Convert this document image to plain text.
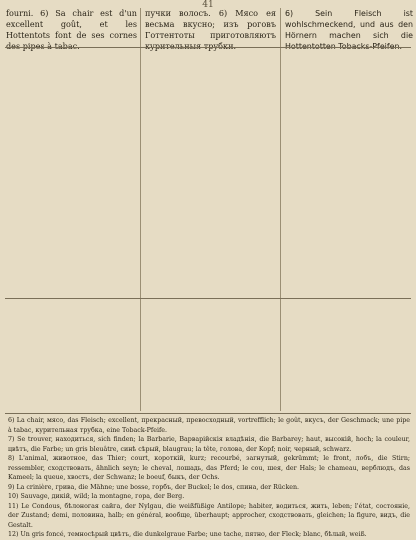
41

fourni. 6) Sa chair est d'un excellent goût, et les Hottentots font de ses cornes

пучки волосъ. 6) Мясо ея весьма вкусно; изъ роговъ Готтентоты приготовляютъ

6) Sein Fleisch ist wohlschmeckend, und aus den Hörnern machen sich die

6) La chair, мясо, das Fleisch; excellent, прекрасный, превосходный, vortrefflich; le goût, вкусъ, der Geschmack; une pipe à tabac, курительная трубка, eine Toback-Pfeife.

7) Se trouver, находиться, sich finden; la Barbarie, Варварійскія владѣнія, die Barbarey; haut, высокій, hoch; la couleur, цвѣтъ, die Farbe; un gris bleuâtre, синѣ сѣрый, blaugrau; la tête, голова, der Kopf; noir, черный, schwarz.

8) L'animal, животное, das Thier; court, короткій, kurz; recourbé, загнутый, gekrümmt; le front, лобъ, die Stirn; ressembler, сходствовать, ähnlich seyn; le cheval, лошадь, das Pferd; le cou, шея, der Hals; le chameau, верблюдъ, das Kameel; la queue, хвостъ, der Schwanz; le boeuf, быкъ, der Ochs.

9) La crinière, грива, die Mähne; une bosse, горбъ, der Buckel; le dos, спина, der Rücken.

10) Sauvage, дикій, wild; la montagne, гора, der Berg.

11) Le Condous, бѣлоногая сайга, der Nylgau, die weißfüßige Antilope; habiter, водиться, жить, leben; l'état, состояніе, der Zustand; demi, половина, halb; en général, вообще, überhaupt; approcher, сходствовать, gleichen; la figure, видъ, die Gestalt.

12) Un gris foncé, темносѣрый цвѣтъ, die dunkelgraue Farbe; une tache, пятно, der Fleck; blanc, бѣлый, weiß.
